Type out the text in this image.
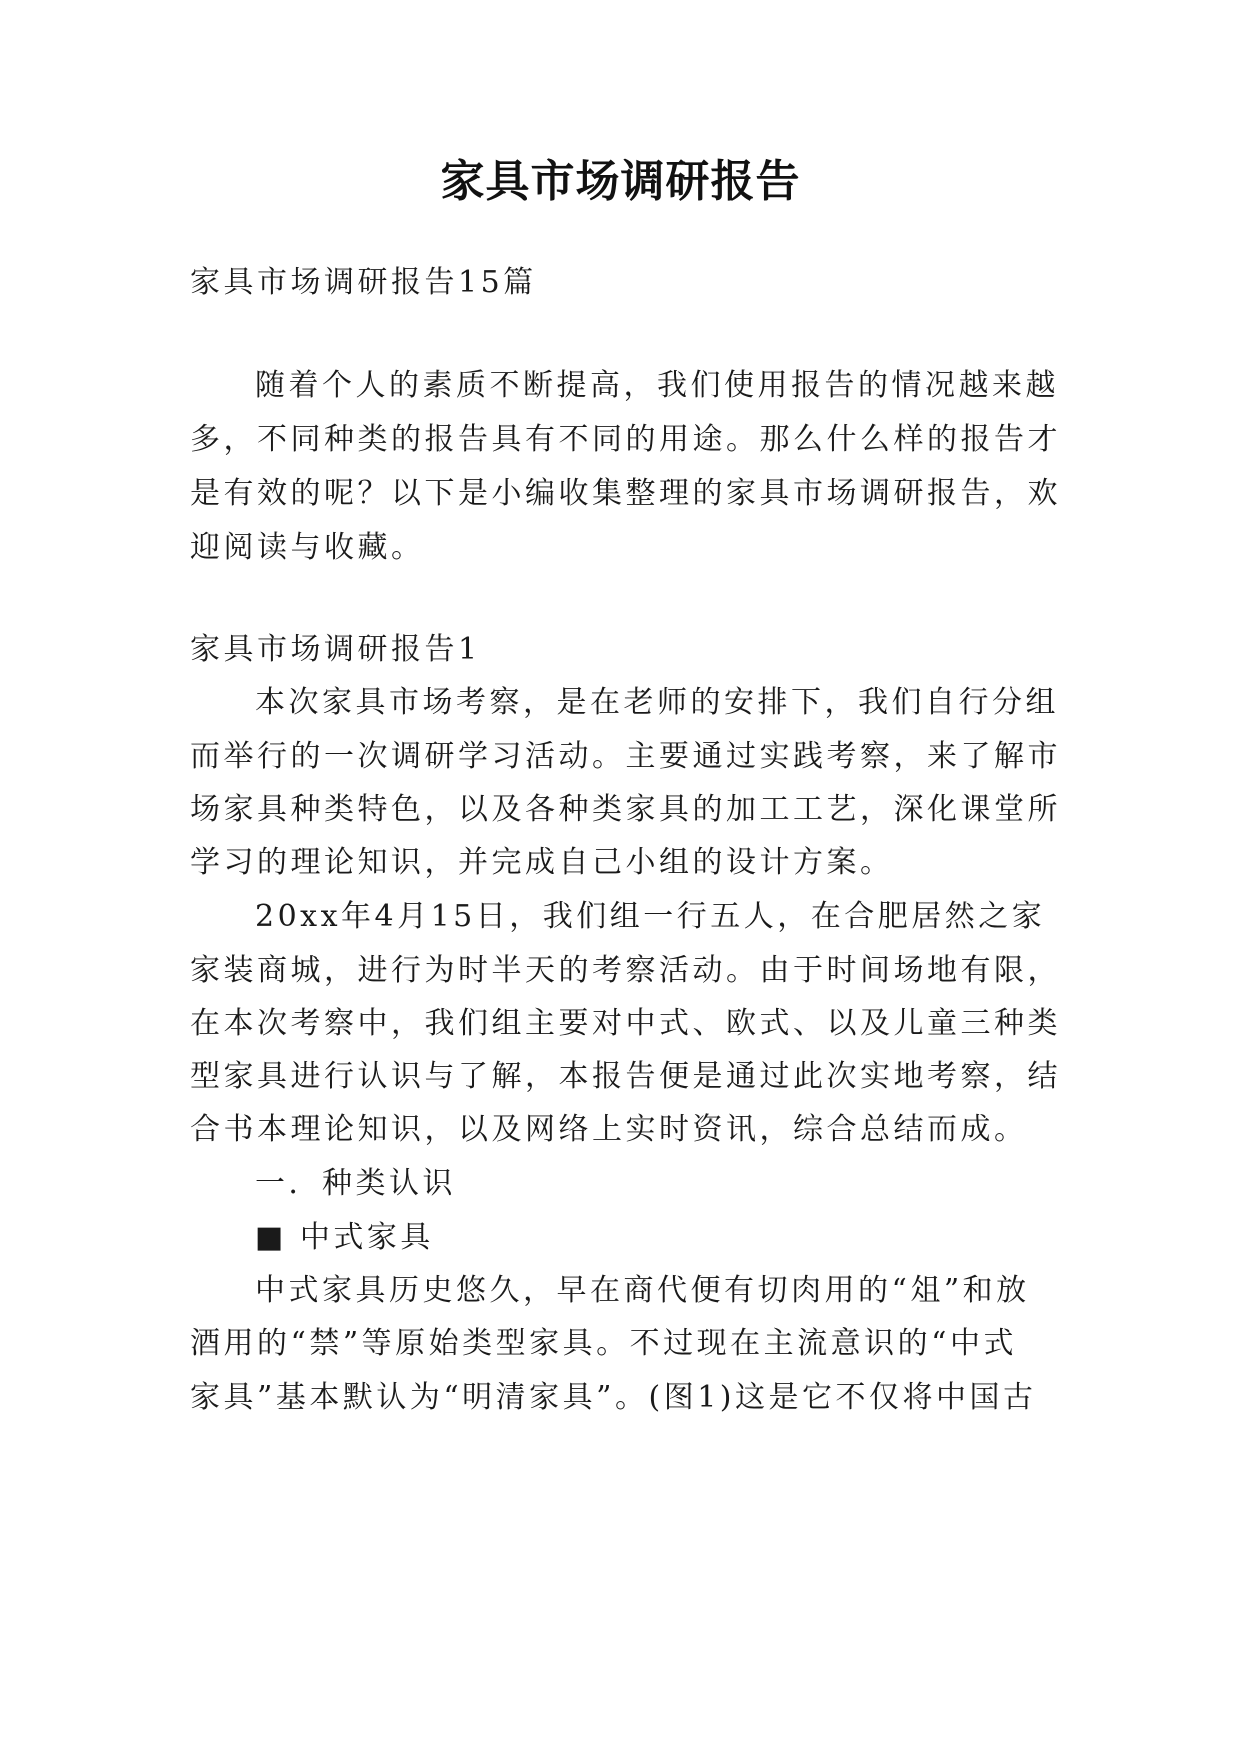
家具市场调研报告
家具市场调研报告15篇
随着个人的素质不断提高，我们使用报告的情况越来越
多，不同种类的报告具有不同的用途。那么什么样的报告才
是有效的呢？以下是小编收集整理的家具市场调研报告，欢
迎阅读与收藏。
家具市场调研报告1
本次家具市场考察，是在老师的安排下，我们自行分组
而举行的一次调研学习活动。主要通过实践考察，来了解市
场家具种类特色，以及各种类家具的加工工艺，深化课堂所
学习的理论知识，并完成自己小组的设计方案。
20xx年4月15日，我们组一行五人，在合肥居然之家
家装商城，进行为时半天的考察活动。由于时间场地有限，
在本次考察中，我们组主要对中式、欧式、以及儿童三种类
型家具进行认识与了解，本报告便是通过此次实地考察，结
合书本理论知识，以及网络上实时资讯，综合总结而成。
一．种类认识
■ 中式家具
中式家具历史悠久，早在商代便有切肉用的“俎”和放
酒用的“禁”等原始类型家具。不过现在主流意识的“中式
家具”基本默认为“明清家具”。(图1)这是它不仅将中国古
